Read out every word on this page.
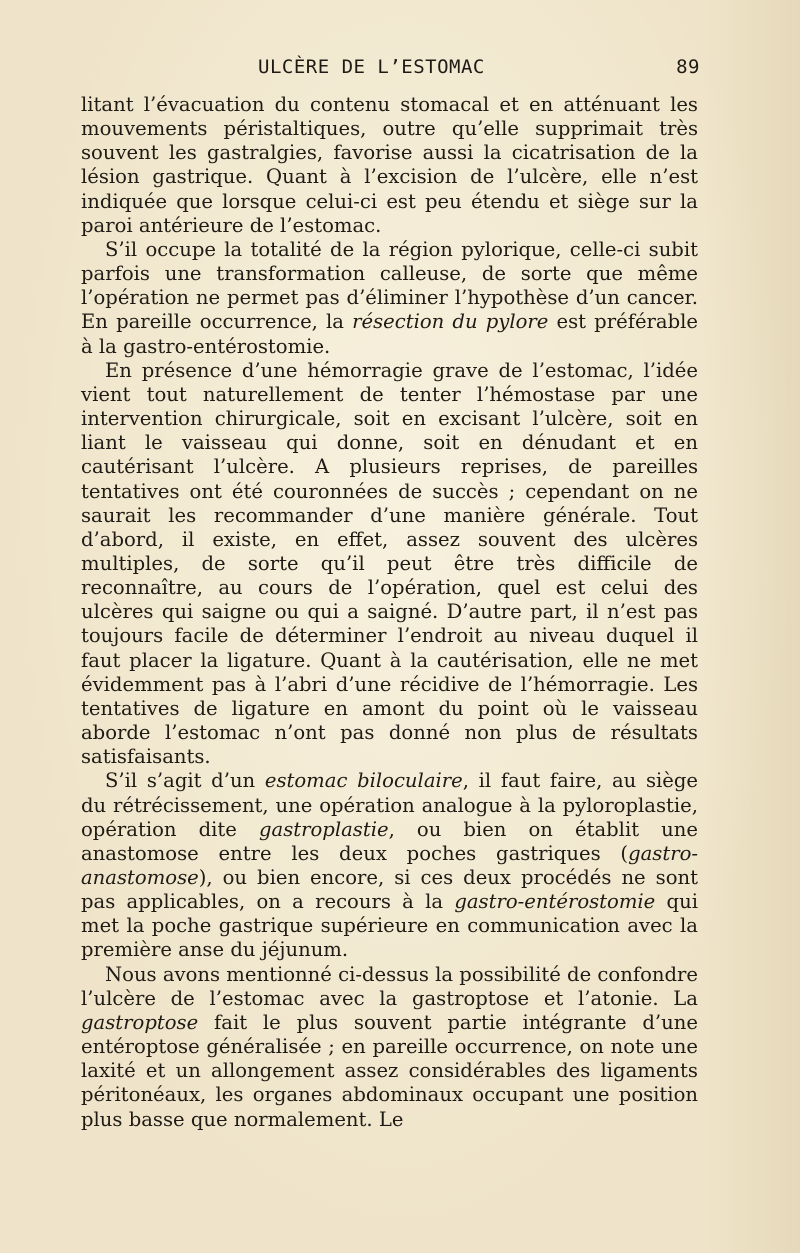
ULCÈRE DE L’ESTOMAC	89

litant l’évacuation du contenu stomacal et en atténuant les mouvements péristaltiques, outre qu’elle supprimait très souvent les gastralgies, favorise aussi la cicatrisation de la lésion gastrique. Quant à l’excision de l’ulcère, elle n’est indiquée que lorsque celui-ci est peu étendu et siège sur la paroi antérieure de l’estomac.

S’il occupe la totalité de la région pylorique, celle-ci subit parfois une transformation calleuse, de sorte que même l’opération ne permet pas d’éliminer l’hypothèse d’un cancer. En pareille occurrence, la résection du pylore est préférable à la gastro-entérostomie.

En présence d’une hémorragie grave de l’estomac, l’idée vient tout naturellement de tenter l’hémostase par une intervention chirurgicale, soit en excisant l’ulcère, soit en liant le vaisseau qui donne, soit en dénudant et en cautérisant l’ulcère. A plusieurs reprises, de pareilles tentatives ont été couronnées de succès ; cependant on ne saurait les recommander d’une manière générale. Tout d’abord, il existe, en effet, assez souvent des ulcères multiples, de sorte qu’il peut être très difficile de reconnaître, au cours de l’opération, quel est celui des ulcères qui saigne ou qui a saigné. D’autre part, il n’est pas toujours facile de déterminer l’endroit au niveau duquel il faut placer la ligature. Quant à la cautérisation, elle ne met évidemment pas à l’abri d’une récidive de l’hémorragie. Les tentatives de ligature en amont du point où le vaisseau aborde l’estomac n’ont pas donné non plus de résultats satisfaisants.

S’il s’agit d’un estomac biloculaire, il faut faire, au siège du rétrécissement, une opération analogue à la pyloroplastie, opération dite gastroplastie, ou bien on établit une anastomose entre les deux poches gastriques (gastro-anastomose), ou bien encore, si ces deux procédés ne sont pas applicables, on a recours à la gastro-entérostomie qui met la poche gastrique supérieure en communication avec la première anse du jéjunum.

Nous avons mentionné ci-dessus la possibilité de confondre l’ulcère de l’estomac avec la gastroptose et l’atonie. La gastroptose fait le plus souvent partie intégrante d’une entéroptose généralisée ; en pareille occurrence, on note une laxité et un allongement assez considérables des ligaments péritonéaux, les organes abdominaux occupant une position plus basse que normalement. Le
